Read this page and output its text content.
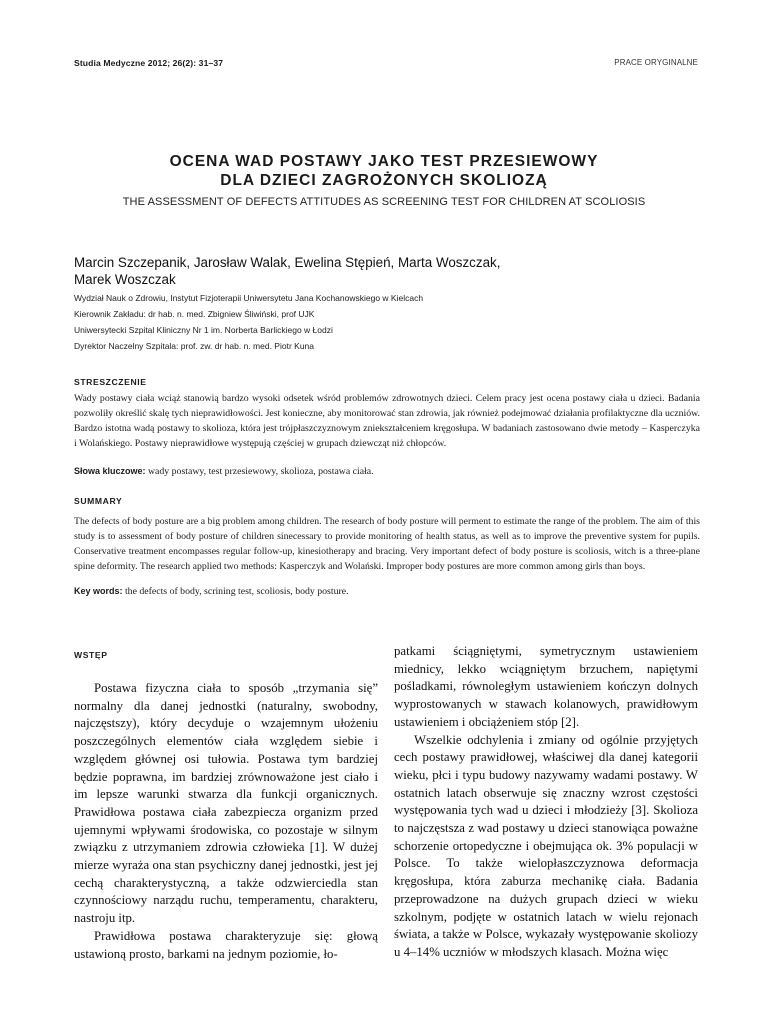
Studia Medyczne 2012; 26(2): 31–37	PRACE ORYGINALNE
OCENA WAD POSTAWY JAKO TEST PRZESIEWOWY
DLA DZIECI ZAGROŻONYCH SKOLIOZĄ
THE ASSESSMENT OF DEFECTS ATTITUDES AS SCREENING TEST FOR CHILDREN AT SCOLIOSIS
Marcin Szczepanik, Jarosław Walak, Ewelina Stępień, Marta Woszczak,
Marek Woszczak
Wydział Nauk o Zdrowiu, Instytut Fizjoterapii Uniwersytetu Jana Kochanowskiego w Kielcach
Kierownik Zakładu: dr hab. n. med. Zbigniew Śliwiński, prof UJK
Uniwersytecki Szpital Kliniczny Nr 1 im. Norberta Barlickiego w Łodzi
Dyrektor Naczelny Szpitala: prof. zw. dr hab. n. med. Piotr Kuna
STRESZCZENIE
Wady postawy ciała wciąż stanowią bardzo wysoki odsetek wśród problemów zdrowotnych dzieci. Celem pracy jest ocena postawy ciała u dzieci. Badania pozwoliły określić skalę tych nieprawidłowości. Jest konieczne, aby monitorować stan zdrowia, jak również podejmować działania profilaktyczne dla uczniów. Bardzo istotna wadą postawy to skolioza, która jest trójpłaszczyznowym zniekształceniem kręgosłupa. W badaniach zastosowano dwie metody – Kasperczyka i Wolańskiego. Postawy nieprawidłowe występują częściej w grupach dziewcząt niż chłopców.
Słowa kluczowe: wady postawy, test przesiewowy, skolioza, postawa ciała.
SUMMARY
The defects of body posture are a big problem among children. The research of body posture will perment to estimate the range of the problem. The aim of this study is to assessment of body posture of children sinecessary to provide monitoring of health status, as well as to improve the preventive system for pupils. Conservative treatment encompasses regular follow-up, kinesiotherapy and bracing. Very important defect of body posture is scoliosis, witch is a three-plane spine deformity. The research applied two methods: Kasperczyk and Wolański. Improper body postures are more common among girls than boys.
Key words: the defects of body, scrining test, scoliosis, body posture.
WSTĘP

Postawa fizyczna ciała to sposób „trzymania się” normalny dla danej jednostki (naturalny, swobodny, najczęstszy), który decyduje o wzajemnym ułożeniu poszczególnych elementów ciała względem siebie i względem głównej osi tułowia. Postawa tym bardziej będzie poprawna, im bardziej zrównoważone jest ciało i im lepsze warunki stwarza dla funkcji organicznych. Prawidłowa postawa ciała zabezpiecza organizm przed ujemnymi wpływami środowiska, co pozostaje w silnym związku z utrzymaniem zdrowia człowieka [1]. W dużej mierze wyraża ona stan psychiczny danej jednostki, jest jej cechą charakterystyczną, a także odzwierciedla stan czynnościowy narządu ruchu, temperamentu, charakteru, nastroju itp.

Prawidłowa postawa charakteryzuje się: głową ustawioną prosto, barkami na jednym poziomie, ło-

patkami ściągniętymi, symetrycznym ustawieniem miednicy, lekko wciągniętym brzuchem, napiętymi pośladkami, równoległym ustawieniem kończyn dolnych wyprostowanych w stawach kolanowych, prawidłowym ustawieniem i obciążeniem stóp [2].

Wszelkie odchylenia i zmiany od ogólnie przyjętych cech postawy prawidłowej, właściwej dla danej kategorii wieku, płci i typu budowy nazywamy wadami postawy. W ostatnich latach obserwuje się znaczny wzrost częstości występowania tych wad u dzieci i młodzieży [3]. Skolioza to najczęstsza z wad postawy u dzieci stanowiąca poważne schorzenie ortopedyczne i obejmująca ok. 3% populacji w Polsce. To także wielopłaszczyznowa deformacja kręgosłupa, która zaburza mechanikę ciała. Badania przeprowadzone na dużych grupach dzieci w wieku szkolnym, podjęte w ostatnich latach w wielu rejonach świata, a także w Polsce, wykazały występowanie skoliozy u 4–14% uczniów w młodszych klasach. Można więc
